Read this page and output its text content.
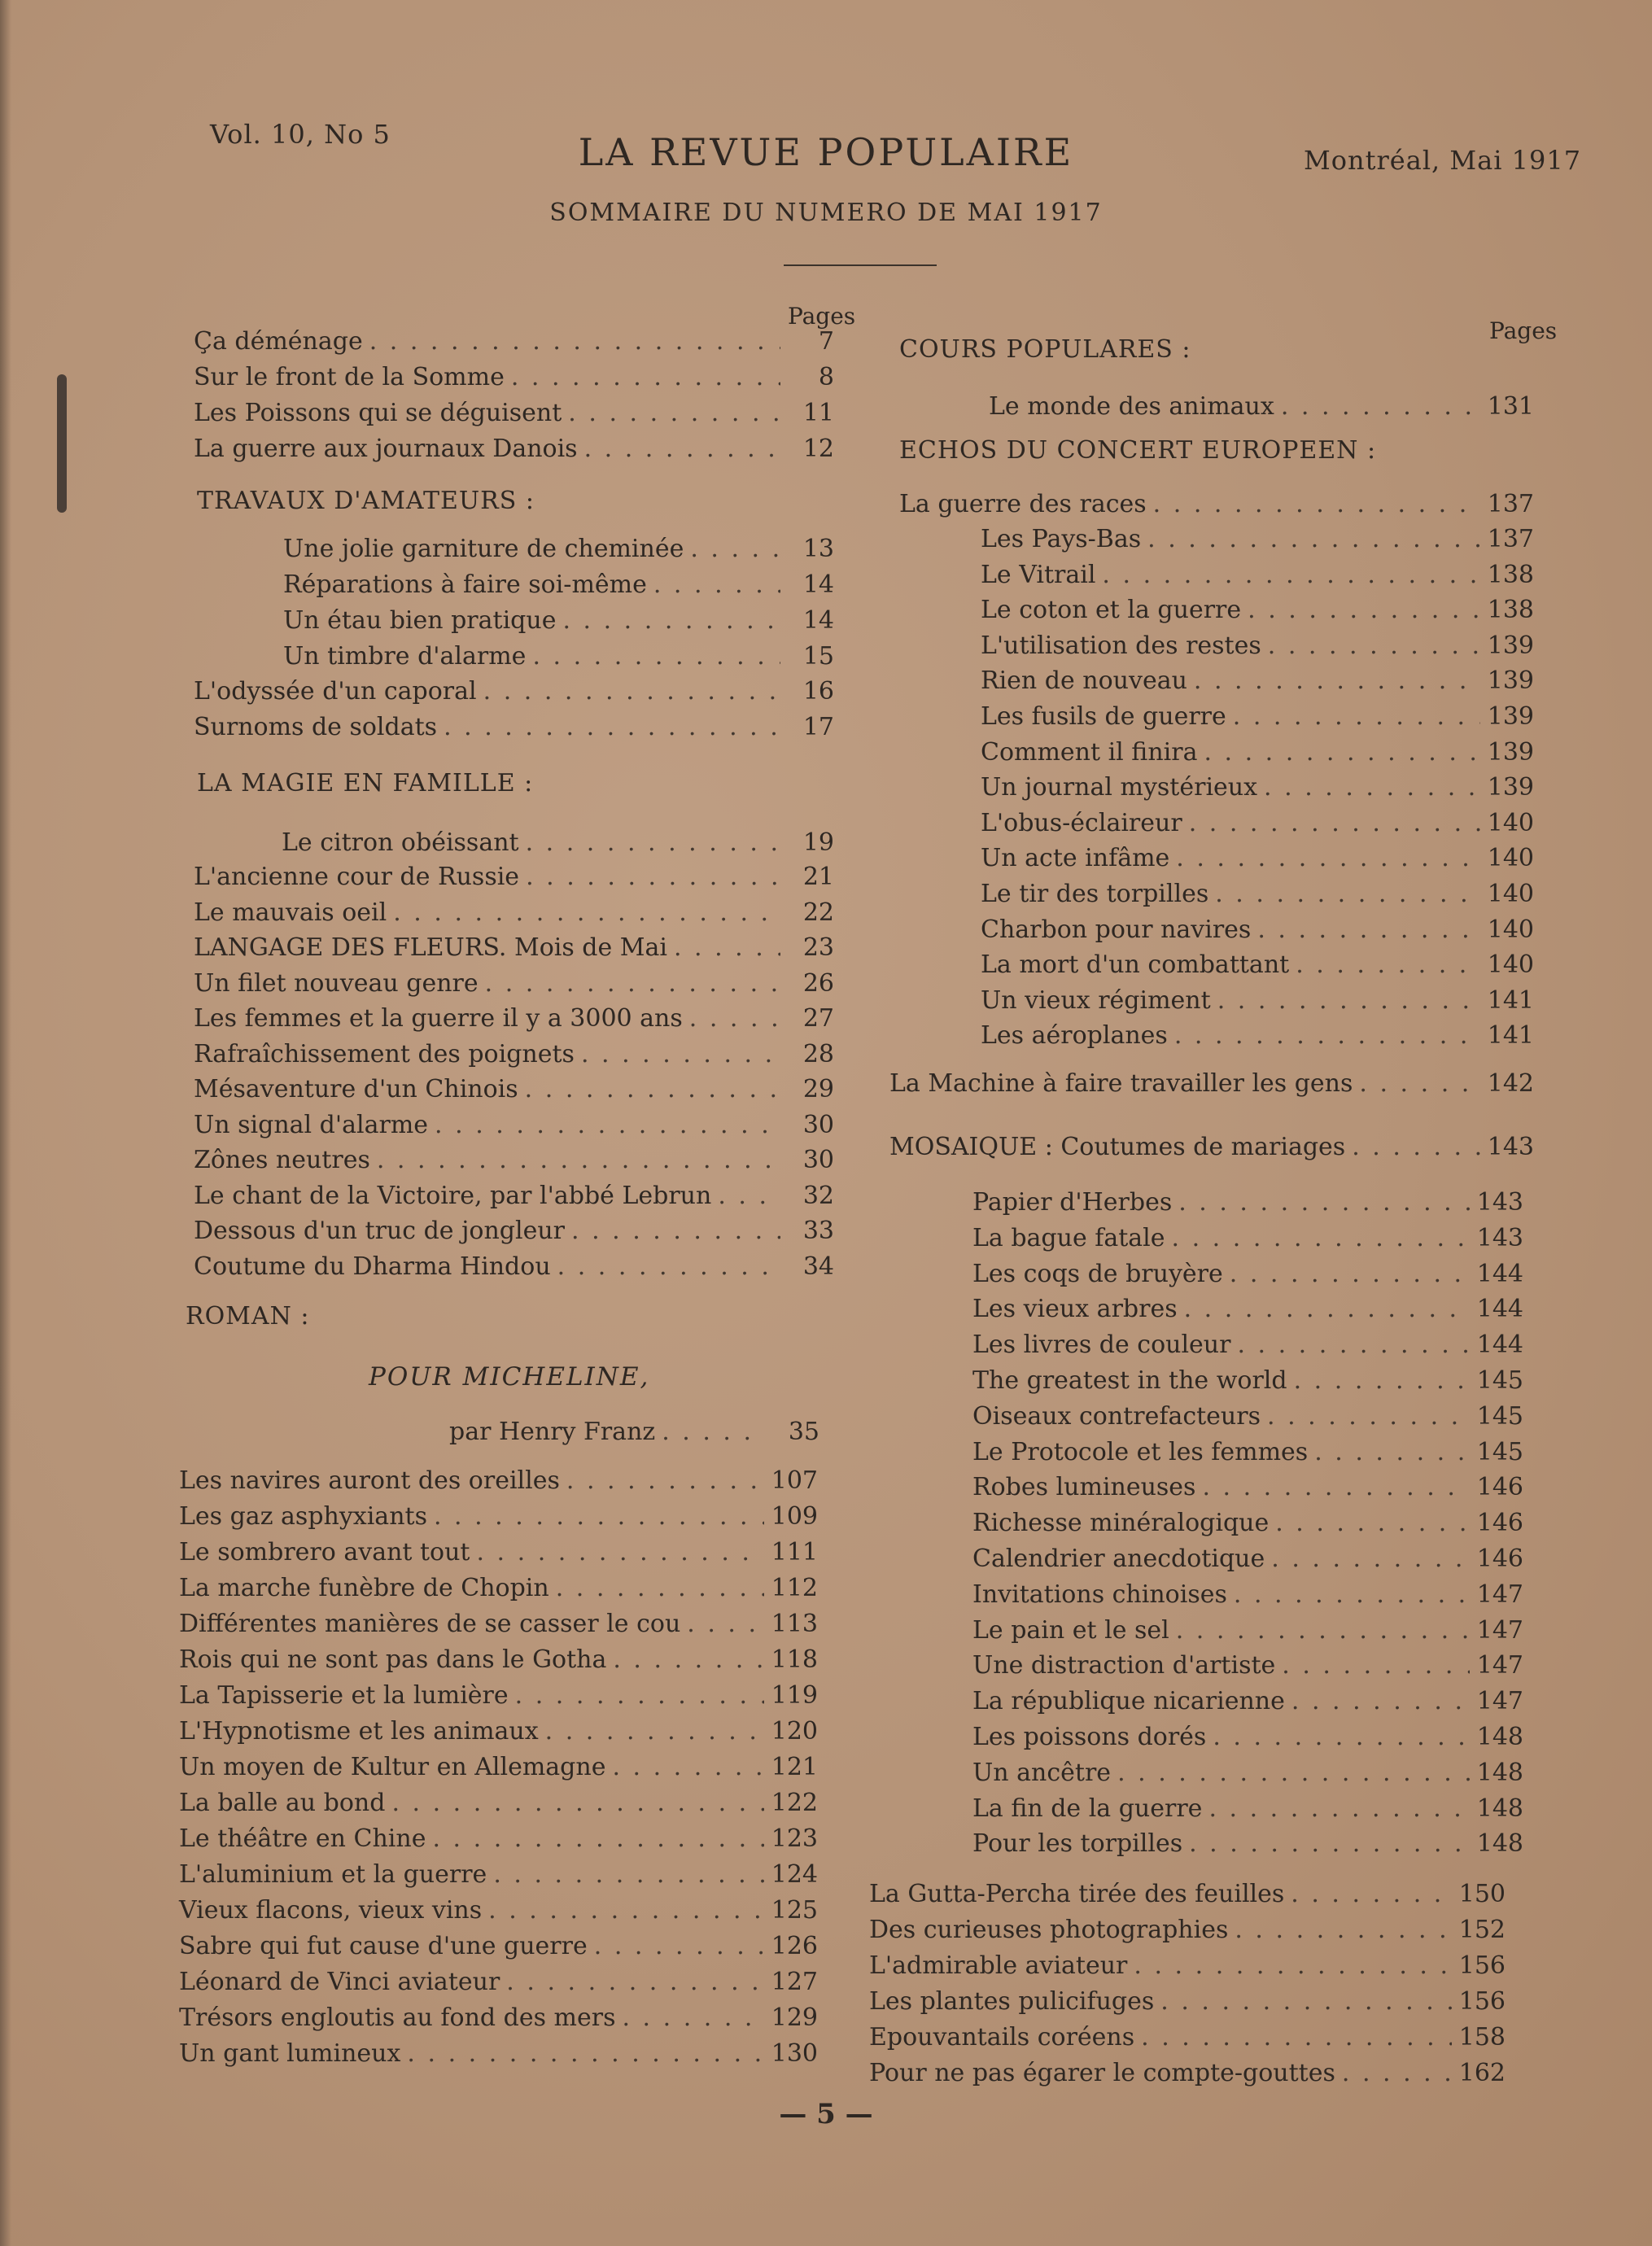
Vol. 10, No 5	LA REVUE POPULAIRE	Montréal, Mai 1917
SOMMAIRE DU NUMERO DE MAI 1917
Pages
Ça déménage . . .	7
Sur le front de la Somme . . .	8
Les Poissons qui se déguisent . . .	11
La guerre aux journaux Danois . . .	12
TRAVAUX D'AMATEURS :
Une jolie garniture de cheminée . . .	13
Réparations à faire soi-même . . .	14
Un étau bien pratique . . .	14
Un timbre d'alarme . . .	15
L'odyssée d'un caporal . . .	16
Surnoms de soldats . . .	17
LA MAGIE EN FAMILLE :
Le citron obéissant . . .	19
L'ancienne cour de Russie . . .	21
Le mauvais oeil . . .	22
LANGAGE DES FLEURS. Mois de Mai . . .	23
Un filet nouveau genre . . .	26
Les femmes et la guerre il y a 3000 ans . . .	27
Rafraîchissement des poignets . . .	28
Mésaventure d'un Chinois . . .	29
Un signal d'alarme . . .	30
Zônes neutres . . .	30
Le chant de la Victoire, par l'abbé Lebrun . . .	32
Dessous d'un truc de jongleur . . .	33
Coutume du Dharma Hindou . . .	34
ROMAN :
POUR MICHELINE,
par Henry Franz . . .	35
Les navires auront des oreilles . . .	107
Les gaz asphyxiants . . .	109
Le sombrero avant tout . . .	111
La marche funèbre de Chopin . . .	112
Différentes manières de se casser le cou . . .	113
Rois qui ne sont pas dans le Gotha . . .	118
La Tapisserie et la lumière . . .	119
L'Hypnotisme et les animaux . . .	120
Un moyen de Kultur en Allemagne . . .	121
La balle au bond . . .	122
Le théâtre en Chine . . .	123
L'aluminium et la guerre . . .	124
Vieux flacons, vieux vins . . .	125
Sabre qui fut cause d'une guerre . . .	126
Léonard de Vinci aviateur . . .	127
Trésors engloutis au fond des mers . . .	129
Un gant lumineux . . .	130
Pages
COURS POPULARES :
Le monde des animaux . . .	131
ECHOS DU CONCERT EUROPEEN :
La guerre des races . . .	137
Les Pays-Bas . . .	137
Le Vitrail . . .	138
Le coton et la guerre . . .	138
L'utilisation des restes . . .	139
Rien de nouveau . . .	139
Les fusils de guerre . . .	139
Comment il finira . . .	139
Un journal mystérieux . . .	139
L'obus-éclaireur . . .	140
Un acte infâme . . .	140
Le tir des torpilles . . .	140
Charbon pour navires . . .	140
La mort d'un combattant . . .	140
Un vieux régiment . . .	141
Les aéroplanes . . .	141
La Machine à faire travailler les gens . . .	142
MOSAIQUE : Coutumes de mariages . . .	143
Papier d'Herbes . . .	143
La bague fatale . . .	143
Les coqs de bruyère . . .	144
Les vieux arbres . . .	144
Les livres de couleur . . .	144
The greatest in the world . . .	145
Oiseaux contrefacteurs . . .	145
Le Protocole et les femmes . . .	145
Robes lumineuses . . .	146
Richesse minéralogique . . .	146
Calendrier anecdotique . . .	146
Invitations chinoises . . .	147
Le pain et le sel . . .	147
Une distraction d'artiste . . .	147
La république nicarienne . . .	147
Les poissons dorés . . .	148
Un ancêtre . . .	148
La fin de la guerre . . .	148
Pour les torpilles . . .	148
La Gutta-Percha tirée des feuilles . . .	150
Des curieuses photographies . . .	152
L'admirable aviateur . . .	156
Les plantes pulicifuges . . .	156
Epouvantails coréens . . .	158
Pour ne pas égarer le compte-gouttes . . .	162
— 5 —
